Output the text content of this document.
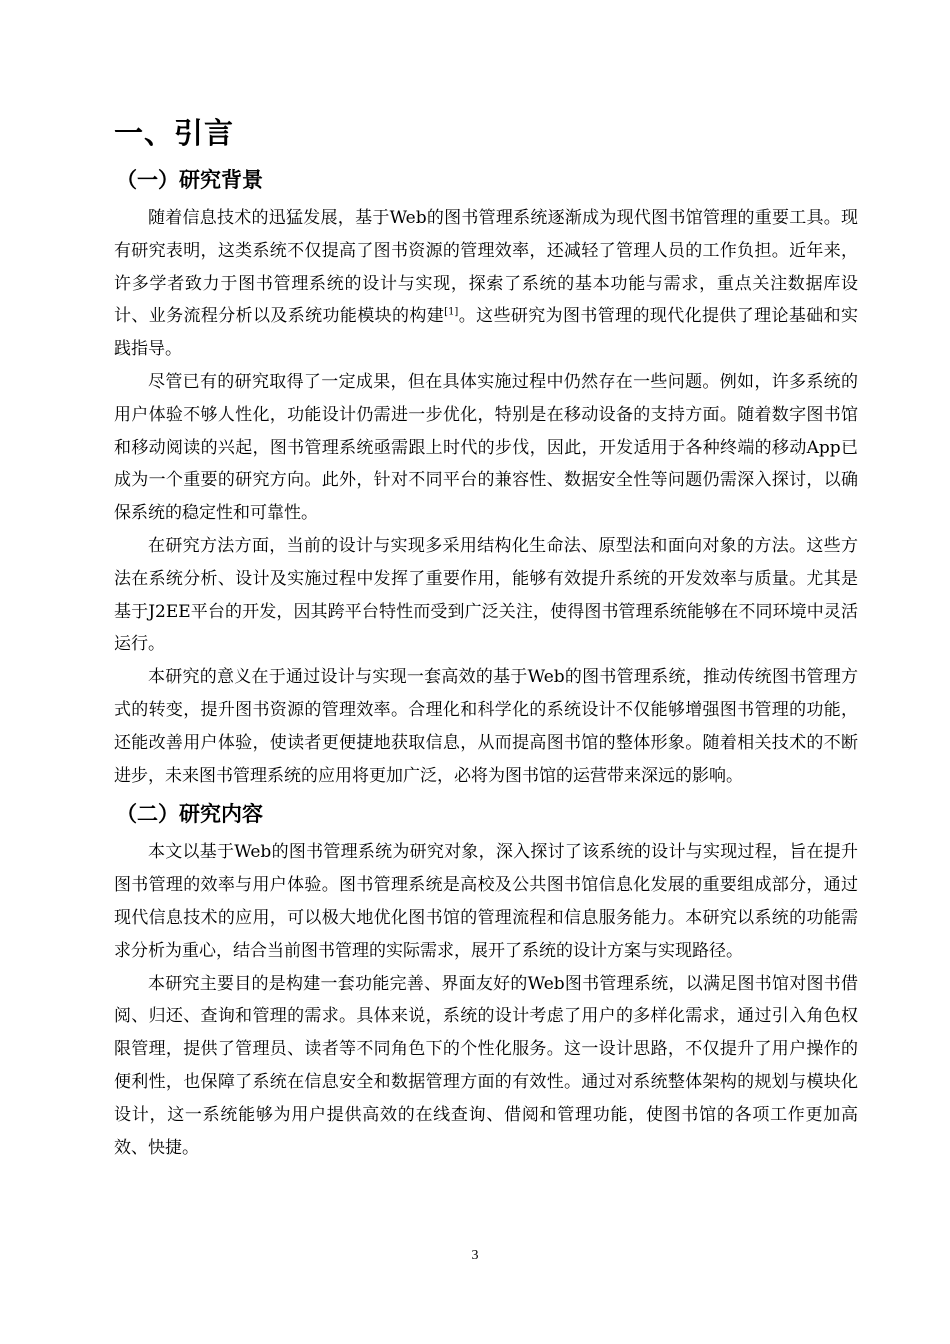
一、引言
（一）研究背景

随着信息技术的迅猛发展，基于Web的图书管理系统逐渐成为现代图书馆管理的重要工具。现有研究表明，这类系统不仅提高了图书资源的管理效率，还减轻了管理人员的工作负担。近年来，许多学者致力于图书管理系统的设计与实现，探索了系统的基本功能与需求，重点关注数据库设计、业务流程分析以及系统功能模块的构建[1]。这些研究为图书管理的现代化提供了理论基础和实践指导。

尽管已有的研究取得了一定成果，但在具体实施过程中仍然存在一些问题。例如，许多系统的用户体验不够人性化，功能设计仍需进一步优化，特别是在移动设备的支持方面。随着数字图书馆和移动阅读的兴起，图书管理系统亟需跟上时代的步伐，因此，开发适用于各种终端的移动App已成为一个重要的研究方向。此外，针对不同平台的兼容性、数据安全性等问题仍需深入探讨，以确保系统的稳定性和可靠性。

在研究方法方面，当前的设计与实现多采用结构化生命法、原型法和面向对象的方法。这些方法在系统分析、设计及实施过程中发挥了重要作用，能够有效提升系统的开发效率与质量。尤其是基于J2EE平台的开发，因其跨平台特性而受到广泛关注，使得图书管理系统能够在不同环境中灵活运行。

本研究的意义在于通过设计与实现一套高效的基于Web的图书管理系统，推动传统图书管理方式的转变，提升图书资源的管理效率。合理化和科学化的系统设计不仅能够增强图书管理的功能，还能改善用户体验，使读者更便捷地获取信息，从而提高图书馆的整体形象。随着相关技术的不断进步，未来图书管理系统的应用将更加广泛，必将为图书馆的运营带来深远的影响。

（二）研究内容

本文以基于Web的图书管理系统为研究对象，深入探讨了该系统的设计与实现过程，旨在提升图书管理的效率与用户体验。图书管理系统是高校及公共图书馆信息化发展的重要组成部分，通过现代信息技术的应用，可以极大地优化图书馆的管理流程和信息服务能力。本研究以系统的功能需求分析为重心，结合当前图书管理的实际需求，展开了系统的设计方案与实现路径。

本研究主要目的是构建一套功能完善、界面友好的Web图书管理系统，以满足图书馆对图书借阅、归还、查询和管理的需求。具体来说，系统的设计考虑了用户的多样化需求，通过引入角色权限管理，提供了管理员、读者等不同角色下的个性化服务。这一设计思路，不仅提升了用户操作的便利性，也保障了系统在信息安全和数据管理方面的有效性。通过对系统整体架构的规划与模块化设计，这一系统能够为用户提供高效的在线查询、借阅和管理功能，使图书馆的各项工作更加高效、快捷。

3
